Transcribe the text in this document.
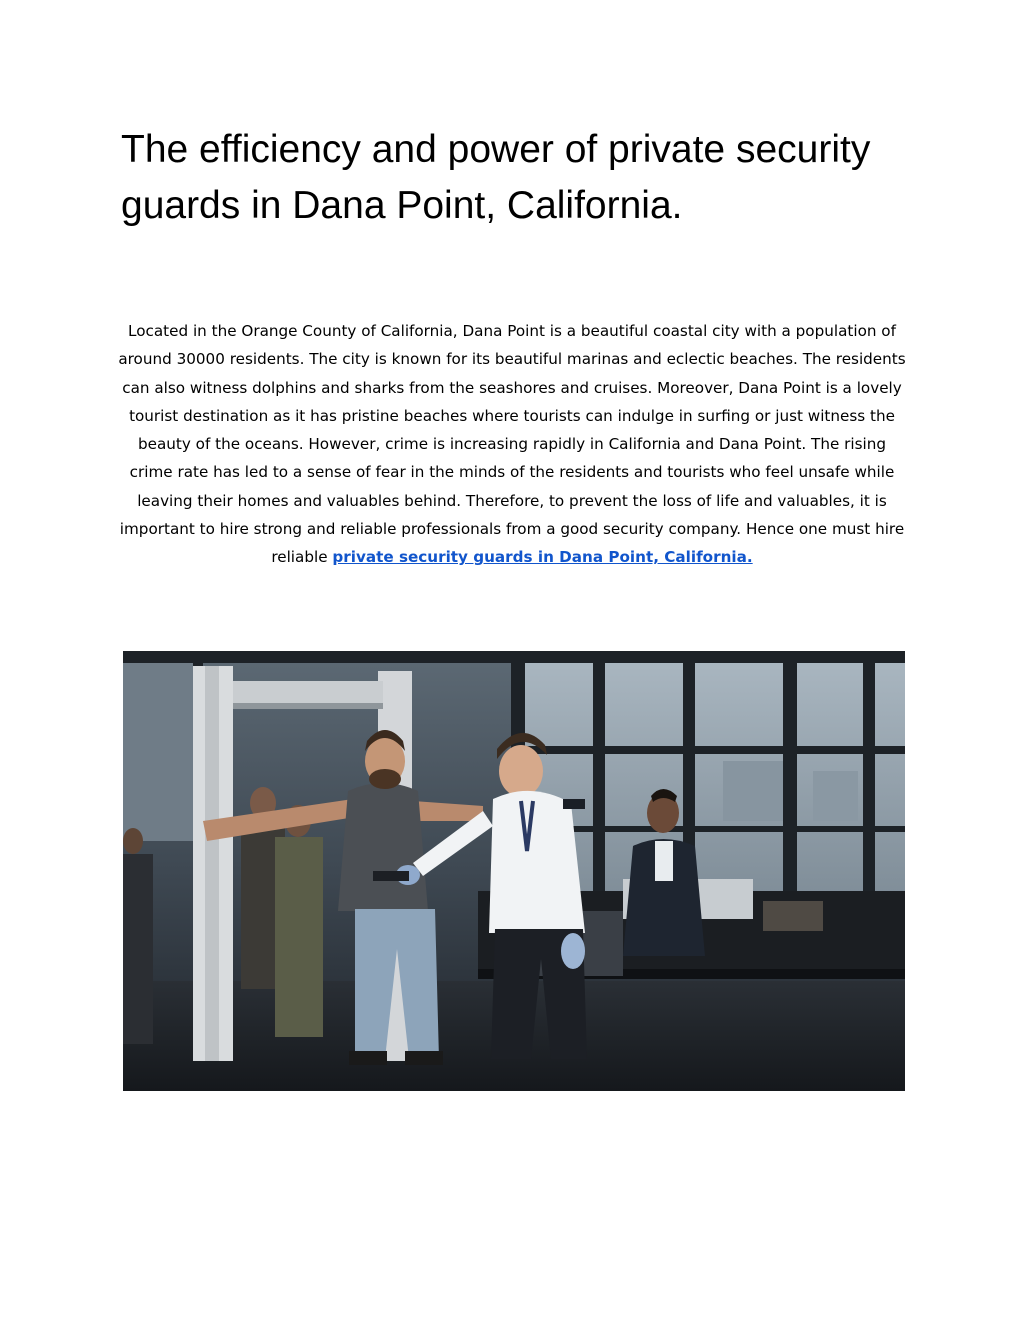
The efficiency and power of private security guards in Dana Point, California.

Located in the Orange County of California, Dana Point is a beautiful coastal city with a population of around 30000 residents. The city is known for its beautiful marinas and eclectic beaches. The residents can also witness dolphins and sharks from the seashores and cruises. Moreover, Dana Point is a lovely tourist destination as it has pristine beaches where tourists can indulge in surfing or just witness the beauty of the oceans. However, crime is increasing rapidly in California and Dana Point. The rising crime rate has led to a sense of fear in the minds of the residents and tourists who feel unsafe while leaving their homes and valuables behind. Therefore, to prevent the loss of life and valuables, it is important to hire strong and reliable professionals from a good security company. Hence one must hire reliable private security guards in Dana Point, California.
